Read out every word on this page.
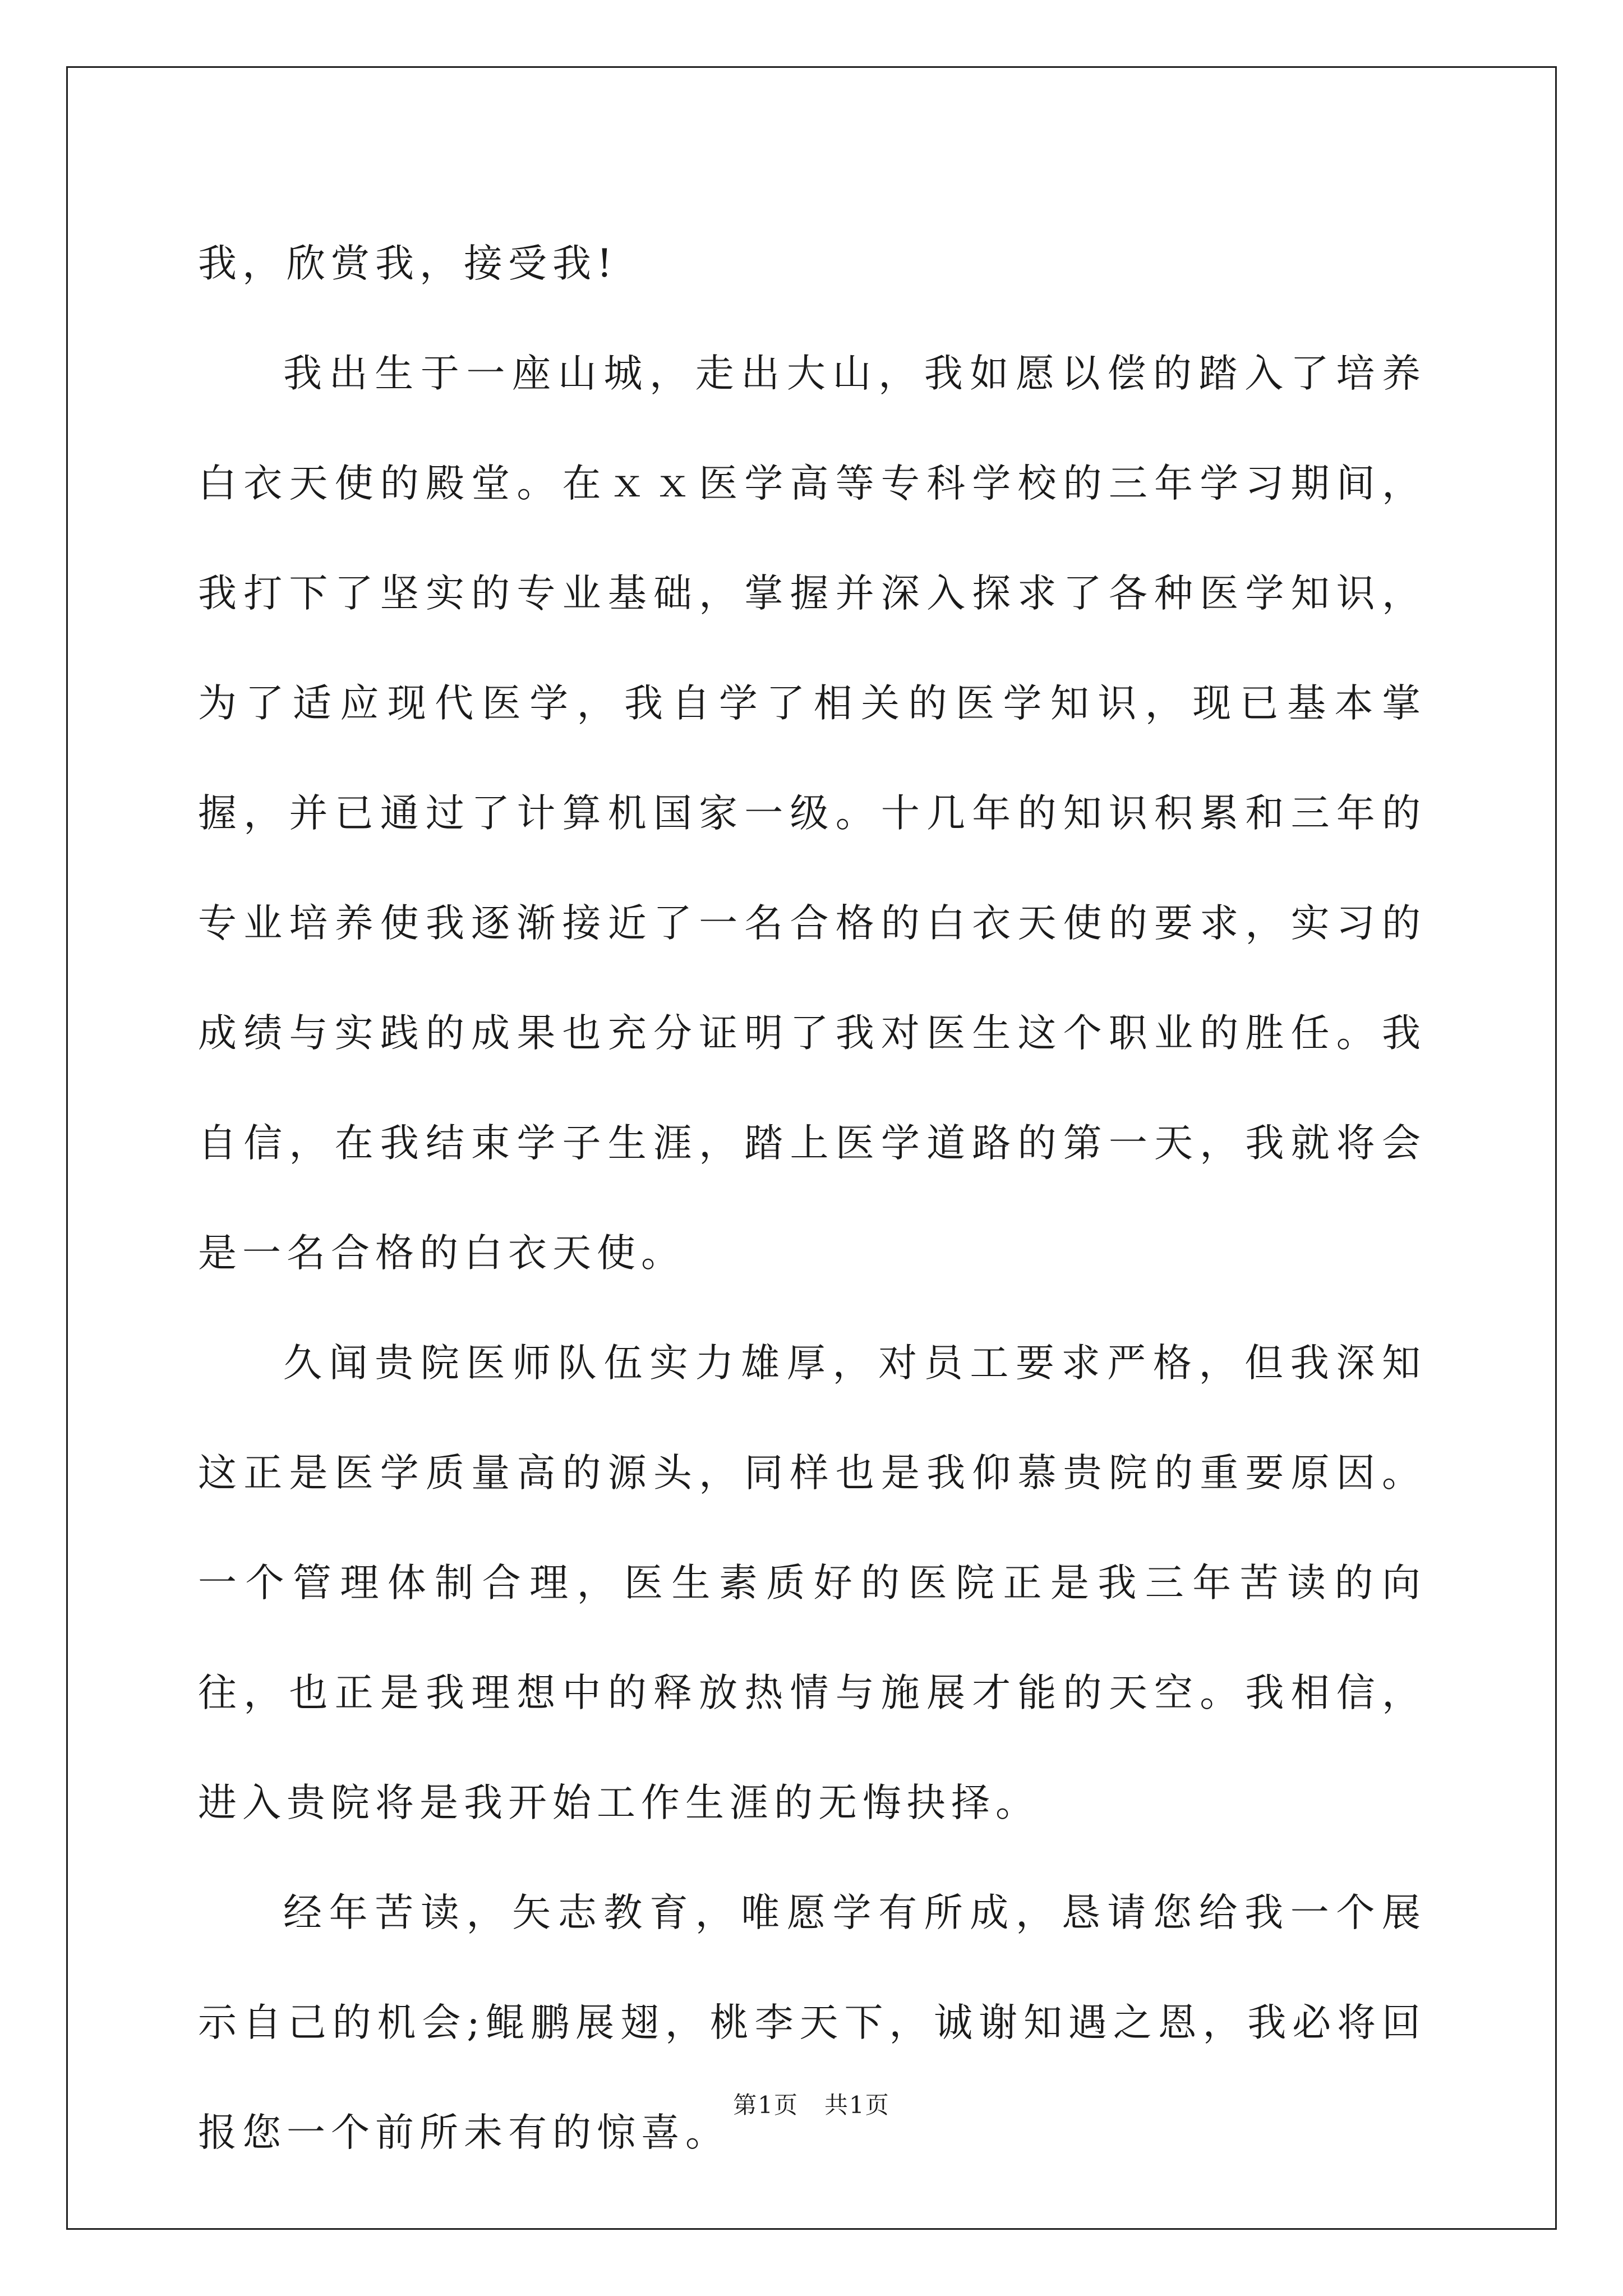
我，欣赏我，接受我!

我出生于一座山城，走出大山，我如愿以偿的踏入了培养白衣天使的殿堂。在ｘｘ医学高等专科学校的三年学习期间，我打下了坚实的专业基础，掌握并深入探求了各种医学知识，为了适应现代医学，我自学了相关的医学知识，现已基本掌握，并已通过了计算机国家一级。十几年的知识积累和三年的专业培养使我逐渐接近了一名合格的白衣天使的要求，实习的成绩与实践的成果也充分证明了我对医生这个职业的胜任。我自信，在我结束学子生涯，踏上医学道路的第一天，我就将会是一名合格的白衣天使。

久闻贵院医师队伍实力雄厚，对员工要求严格，但我深知这正是医学质量高的源头，同样也是我仰慕贵院的重要原因。一个管理体制合理，医生素质好的医院正是我三年苦读的向往，也正是我理想中的释放热情与施展才能的天空。我相信，进入贵院将是我开始工作生涯的无悔抉择。

经年苦读，矢志教育，唯愿学有所成，恳请您给我一个展示自己的机会;鲲鹏展翅，桃李天下，诚谢知遇之恩，我必将回报您一个前所未有的惊喜。

第1页 共1页
